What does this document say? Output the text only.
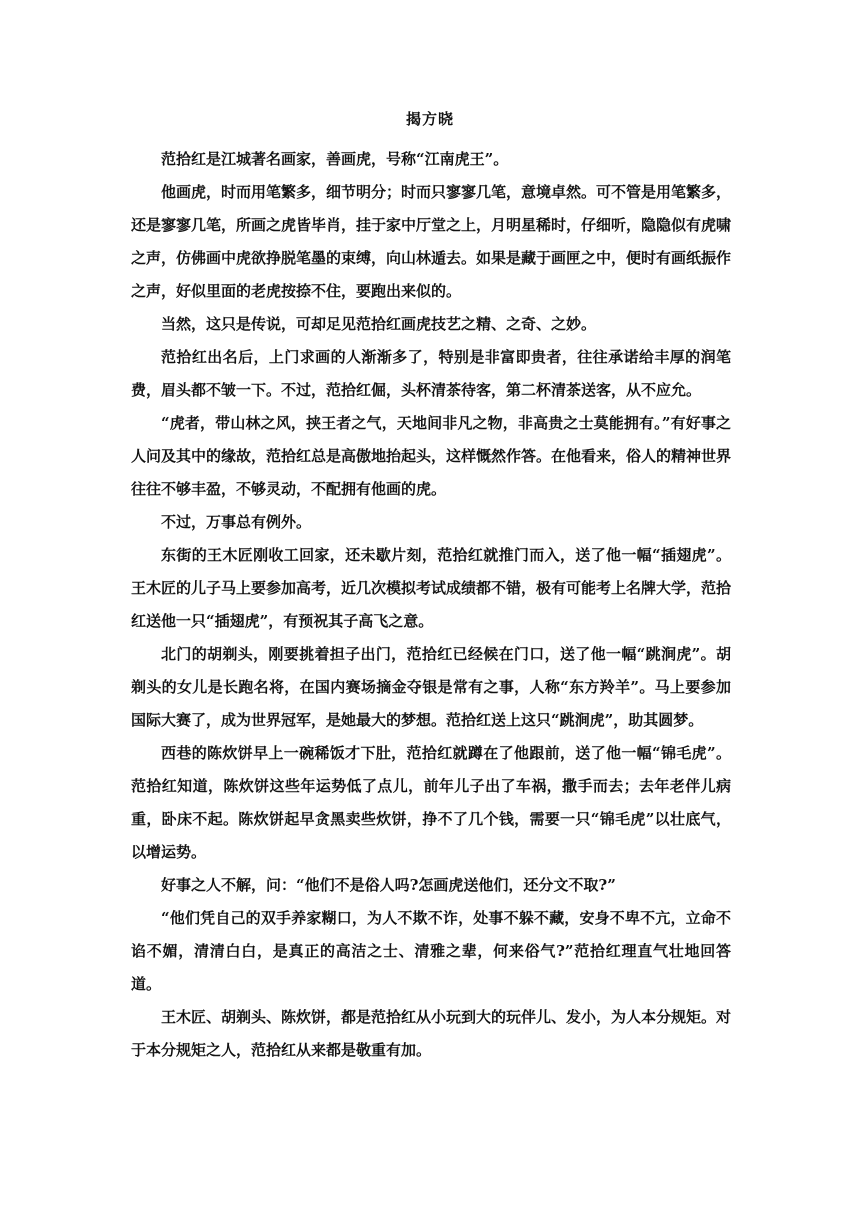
揭方晓

范拾红是江城著名画家，善画虎，号称“江南虎王”。

他画虎，时而用笔繁多，细节明分；时而只寥寥几笔，意境卓然。可不管是用笔繁多，还是寥寥几笔，所画之虎皆毕肖，挂于家中厅堂之上，月明星稀时，仔细听，隐隐似有虎啸之声，仿佛画中虎欲挣脱笔墨的束缚，向山林遁去。如果是藏于画匣之中，便时有画纸振作之声，好似里面的老虎按捺不住，要跑出来似的。

当然，这只是传说，可却足见范拾红画虎技艺之精、之奇、之妙。

范拾红出名后，上门求画的人渐渐多了，特别是非富即贵者，往往承诺给丰厚的润笔费，眉头都不皱一下。不过，范拾红倔，头杯清茶待客，第二杯清茶送客，从不应允。

“虎者，带山林之风，挟王者之气，天地间非凡之物，非高贵之士莫能拥有。”有好事之人问及其中的缘故，范拾红总是高傲地抬起头，这样慨然作答。在他看来，俗人的精神世界往往不够丰盈，不够灵动，不配拥有他画的虎。

不过，万事总有例外。

东街的王木匠刚收工回家，还未歇片刻，范拾红就推门而入，送了他一幅“插翅虎”。王木匠的儿子马上要参加高考，近几次模拟考试成绩都不错，极有可能考上名牌大学，范拾红送他一只“插翅虎”，有预祝其子高飞之意。

北门的胡剃头，刚要挑着担子出门，范拾红已经候在门口，送了他一幅“跳涧虎”。胡剃头的女儿是长跑名将，在国内赛场摘金夺银是常有之事，人称“东方羚羊”。马上要参加国际大赛了，成为世界冠军，是她最大的梦想。范拾红送上这只“跳涧虎”，助其圆梦。

西巷的陈炊饼早上一碗稀饭才下肚，范拾红就蹲在了他跟前，送了他一幅“锦毛虎”。范拾红知道，陈炊饼这些年运势低了点儿，前年儿子出了车祸，撒手而去；去年老伴儿病重，卧床不起。陈炊饼起早贪黑卖些炊饼，挣不了几个钱，需要一只“锦毛虎”以壮底气，以增运势。

好事之人不解，问：“他们不是俗人吗?怎画虎送他们，还分文不取?”

“他们凭自己的双手养家糊口，为人不欺不诈，处事不躲不藏，安身不卑不亢，立命不谄不媚，清清白白，是真正的高洁之士、清雅之辈，何来俗气?”范拾红理直气壮地回答道。

王木匠、胡剃头、陈炊饼，都是范拾红从小玩到大的玩伴儿、发小，为人本分规矩。对于本分规矩之人，范拾红从来都是敬重有加。
